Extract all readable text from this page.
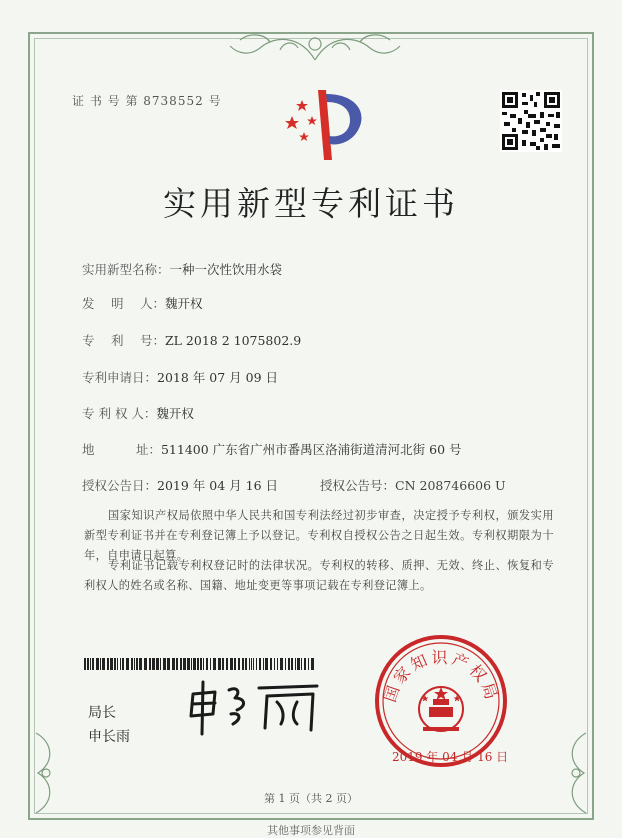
证 书 号 第 8738552 号
实用新型专利证书
实用新型名称：一种一次性饮用水袋
发　 明　 人：魏开权
专　 利　 号：ZL 2018 2 1075802.9
专利申请日：2018 年 07 月 09 日
专 利 权 人：魏开权
地　　　 址：511400 广东省广州市番禺区洛浦街道清河北街 60 号
授权公告日：2019 年 04 月 16 日	授权公告号：CN 208746606 U
国家知识产权局依照中华人民共和国专利法经过初步审查，决定授予专利权，颁发实用新型专利证书并在专利登记簿上予以登记。专利权自授权公告之日起生效。专利权期限为十年，自申请日起算。
专利证书记载专利权登记时的法律状况。专利权的转移、质押、无效、终止、恢复和专利权人的姓名或名称、国籍、地址变更等事项记载在专利登记簿上。
局长
申长雨
国家知识产权局
2019 年 04 月 16 日
第 1 页（共 2 页）
其他事项参见背面
